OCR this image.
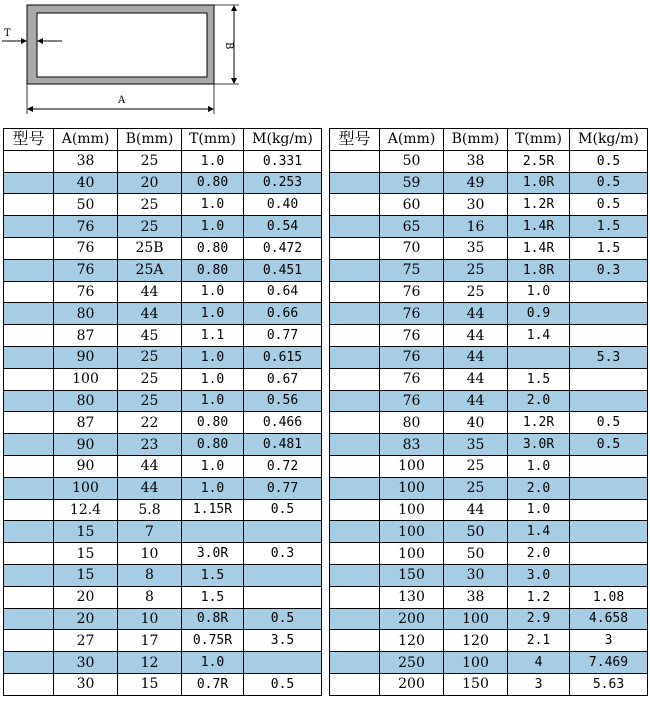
T
B
A
型号	A(mm)	B(mm)	T(mm)	M(kg/m)
	38	25	1.0	0.331
	40	20	0.80	0.253
	50	25	1.0	0.40
	76	25	1.0	0.54
	76	25B	0.80	0.472
	76	25A	0.80	0.451
	76	44	1.0	0.64
	80	44	1.0	0.66
	87	45	1.1	0.77
	90	25	1.0	0.615
	100	25	1.0	0.67
	80	25	1.0	0.56
	87	22	0.80	0.466
	90	23	0.80	0.481
	90	44	1.0	0.72
	100	44	1.0	0.77
	12.4	5.8	1.15R	0.5
	15	7		
	15	10	3.0R	0.3
	15	8	1.5	
	20	8	1.5	
	20	10	0.8R	0.5
	27	17	0.75R	3.5
	30	12	1.0	
	30	15	0.7R	0.5
型号	A(mm)	B(mm)	T(mm)	M(kg/m)
	50	38	2.5R	0.5
	59	49	1.0R	0.5
	60	30	1.2R	0.5
	65	16	1.4R	1.5
	70	35	1.4R	1.5
	75	25	1.8R	0.3
	76	25	1.0	
	76	44	0.9	
	76	44	1.4	
	76	44		5.3
	76	44	1.5	
	76	44	2.0	
	80	40	1.2R	0.5
	83	35	3.0R	0.5
	100	25	1.0	
	100	25	2.0	
	100	44	1.0	
	100	50	1.4	
	100	50	2.0	
	150	30	3.0	
	130	38	1.2	1.08
	200	100	2.9	4.658
	120	120	2.1	3
	250	100	4	7.469
	200	150	3	5.63
